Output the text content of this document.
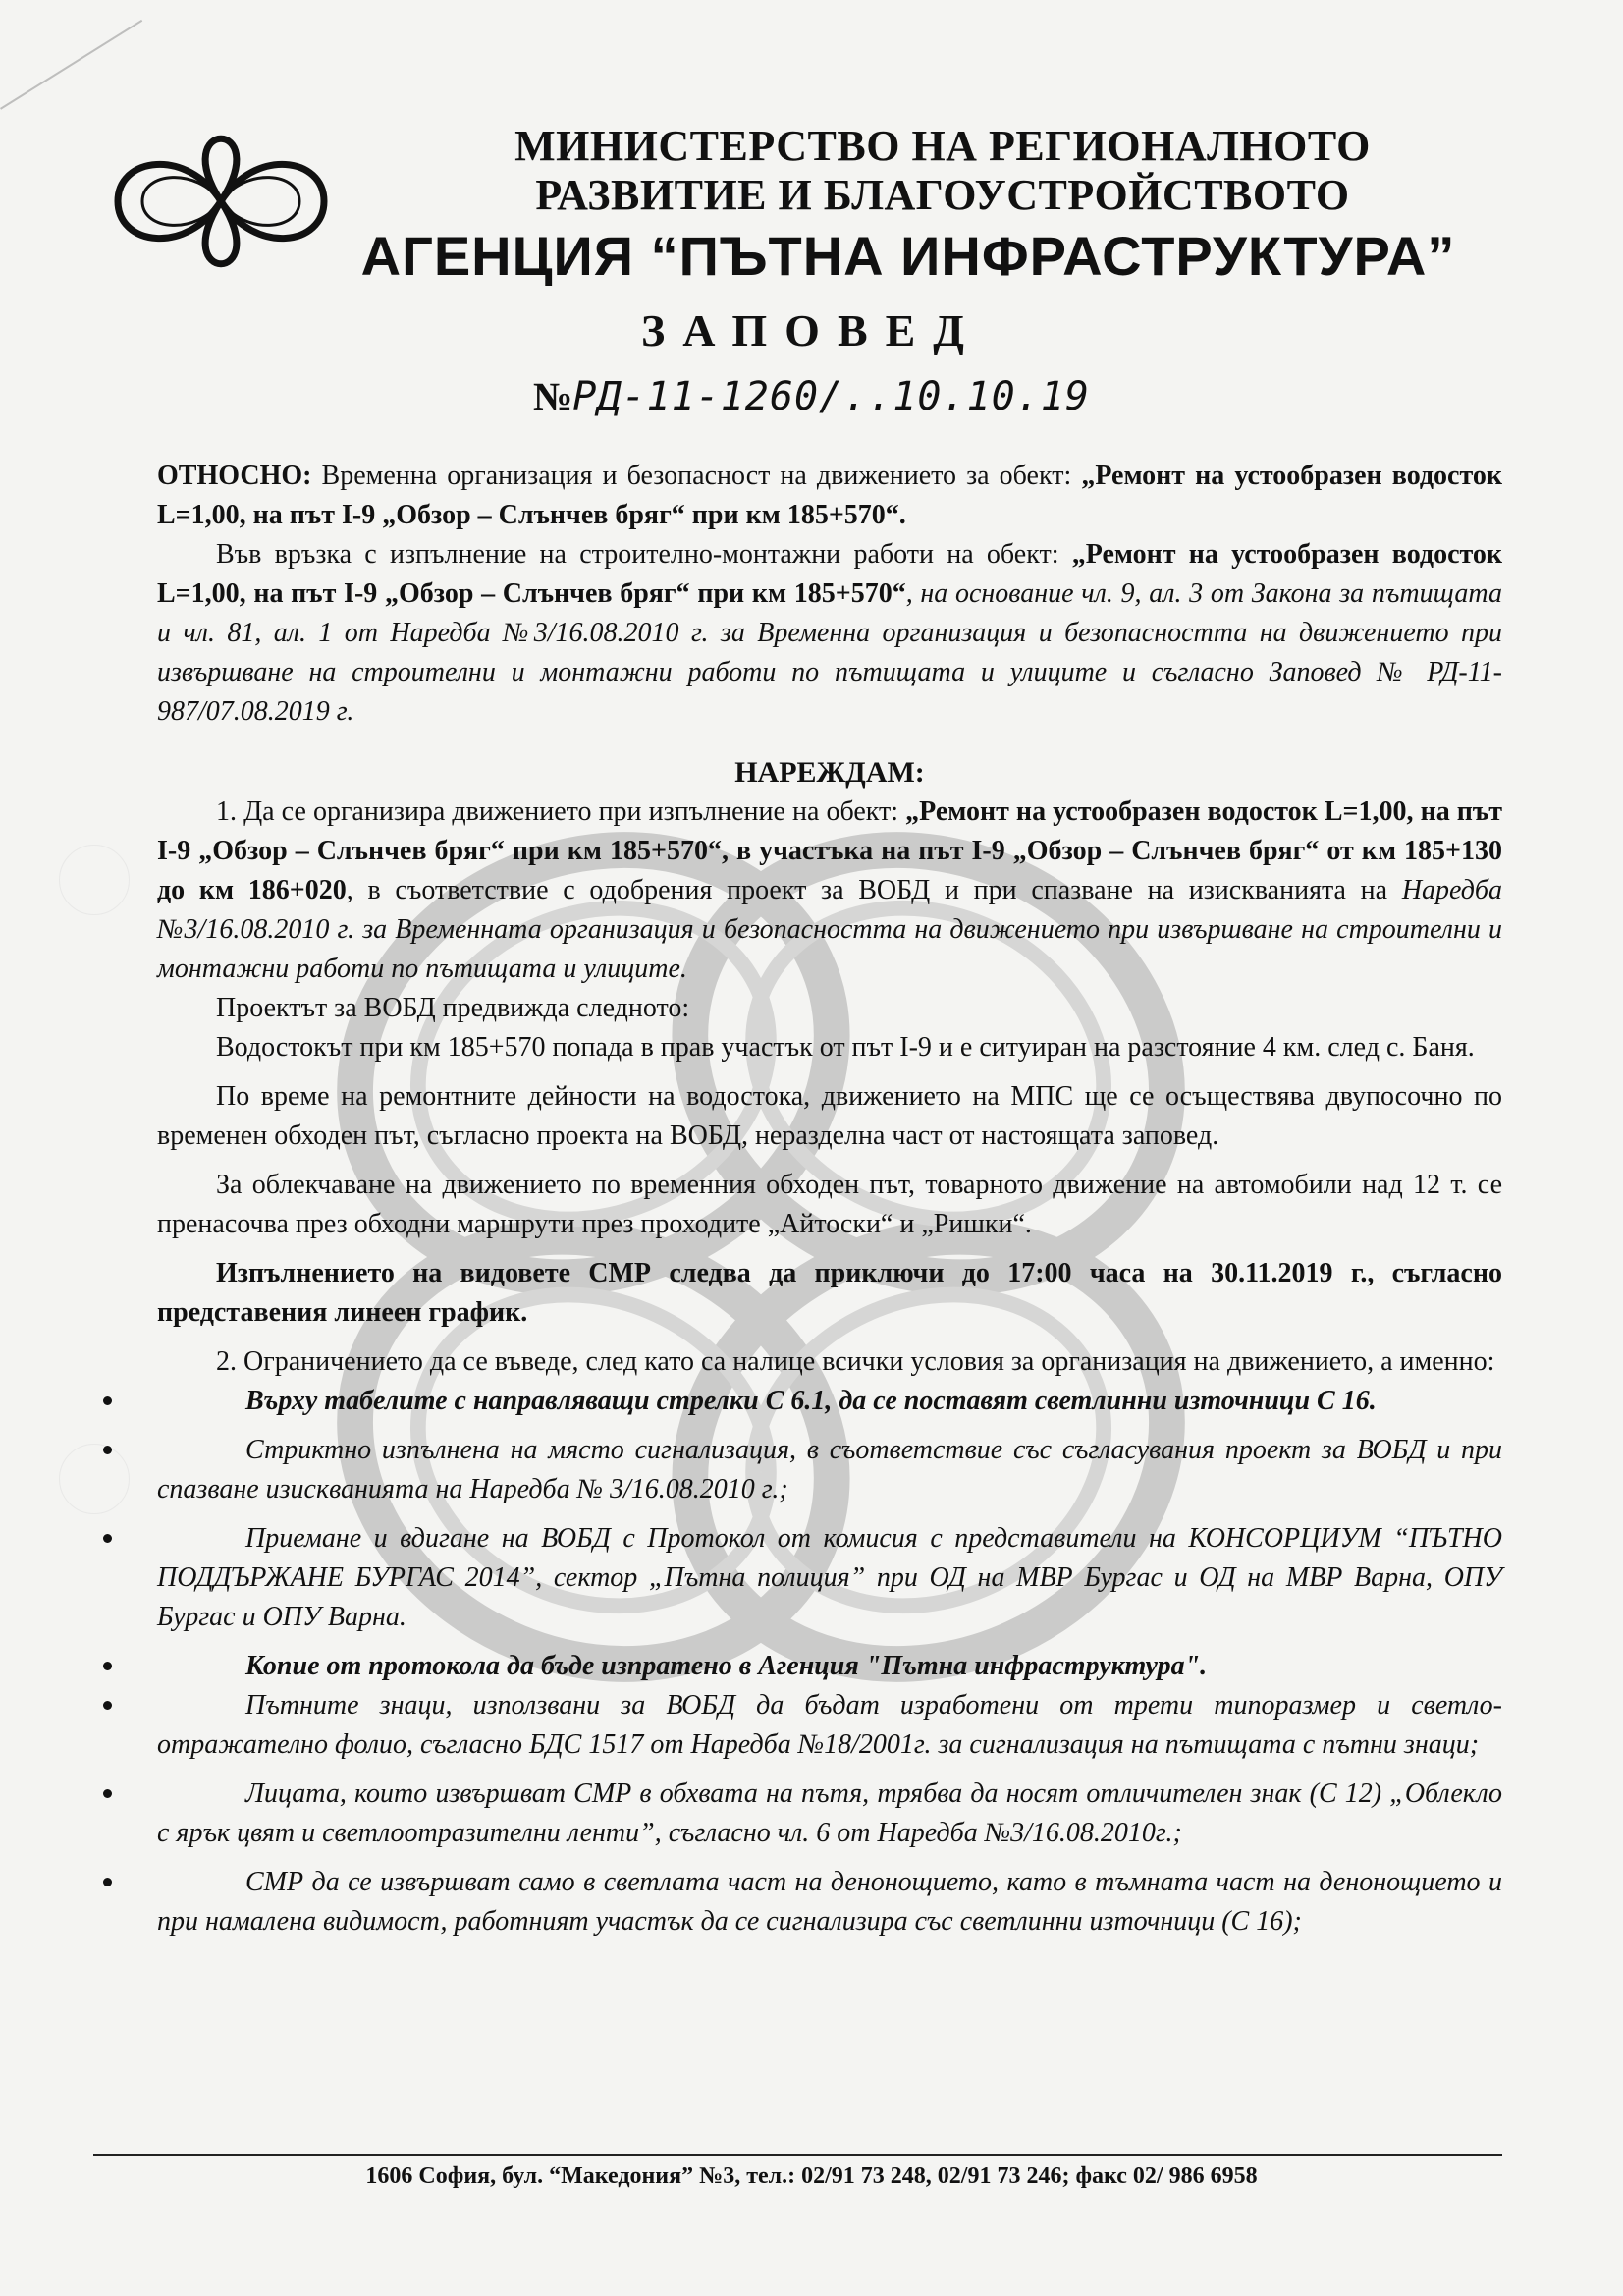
МИНИСТЕРСТВО НА РЕГИОНАЛНОТО
РАЗВИТИЕ И БЛАГОУСТРОЙСТВОТО
АГЕНЦИЯ “ПЪТНА ИНФРАСТРУКТУРА”
ЗАПОВЕД
№РД-11-1260/..10.10.19

ОТНОСНО: Временна организация и безопасност на движението за обект: „Ремонт на устообразен водосток L=1,00, на път I-9 „Обзор – Слънчев бряг“ при км 185+570“.

Във връзка с изпълнение на строително-монтажни работи на обект: „Ремонт на устообразен водосток L=1,00, на път I-9 „Обзор – Слънчев бряг“ при км 185+570“, на основание чл. 9, ал. 3 от Закона за пътищата и чл. 81, ал. 1 от Наредба №3/16.08.2010 г. за Временна организация и безопасността на движението при извършване на строителни и монтажни работи по пътищата и улиците и съгласно Заповед № РД-11-987/07.08.2019 г.

НАРЕЖДАМ:

1. Да се организира движението при изпълнение на обект: „Ремонт на устообразен водосток L=1,00, на път I-9 „Обзор – Слънчев бряг“ при км 185+570“, в участъка на път I-9 „Обзор – Слънчев бряг“ от км 185+130 до км 186+020, в съответствие с одобрения проект за ВОБД и при спазване на изискванията на Наредба №3/16.08.2010 г. за Временната организация и безопасността на движението при извършване на строителни и монтажни работи по пътищата и улиците.

Проектът за ВОБД предвижда следното:

Водостокът при км 185+570 попада в прав участък от път I-9 и е ситуиран на разстояние 4 км. след с. Баня.

По време на ремонтните дейности на водостока, движението на МПС ще се осъществява двупосочно по временен обходен път, съгласно проекта на ВОБД, неразделна част от настоящата заповед.

За облекчаване на движението по временния обходен път, товарното движение на автомобили над 12 т. се пренасочва през обходни маршрути през проходите „Айтоски“ и „Ришки“.

Изпълнението на видовете СМР следва да приключи до 17:00 часа на 30.11.2019 г., съгласно представения линеен график.

2. Ограничението да се въведе, след като са налице всички условия за организация на движението, а именно:

Върху табелите с направляващи стрелки С 6.1, да се поставят светлинни източници С 16.
Стриктно изпълнена на място сигнализация, в съответствие със съгласувания проект за ВОБД и при спазване изискванията на Наредба № 3/16.08.2010 г.;
Приемане и вдигане на ВОБД с Протокол от комисия с представители на КОНСОРЦИУМ “ПЪТНО ПОДДЪРЖАНЕ БУРГАС 2014”, сектор „Пътна полиция” при ОД на МВР Бургас и ОД на МВР Варна, ОПУ Бургас и ОПУ Варна.
Копие от протокола да бъде изпратено в Агенция "Пътна инфраструктура".
Пътните знаци, използвани за ВОБД да бъдат изработени от трети типоразмер и светло-отражателно фолио, съгласно БДС 1517 от Наредба №18/2001г. за сигнализация на пътищата с пътни знаци;
Лицата, които извършват СМР в обхвата на пътя, трябва да носят отличителен знак (С 12) „Облекло с ярък цвят и светлоотразителни ленти”, съгласно чл. 6 от Наредба №3/16.08.2010г.;
СМР да се извършват само в светлата част на денонощието, като в тъмната част на денонощието и при намалена видимост, работният участък да се сигнализира със светлинни източници (С 16);
1606 София, бул. “Македония” №3, тел.: 02/91 73 248, 02/91 73 246; факс 02/ 986 6958
